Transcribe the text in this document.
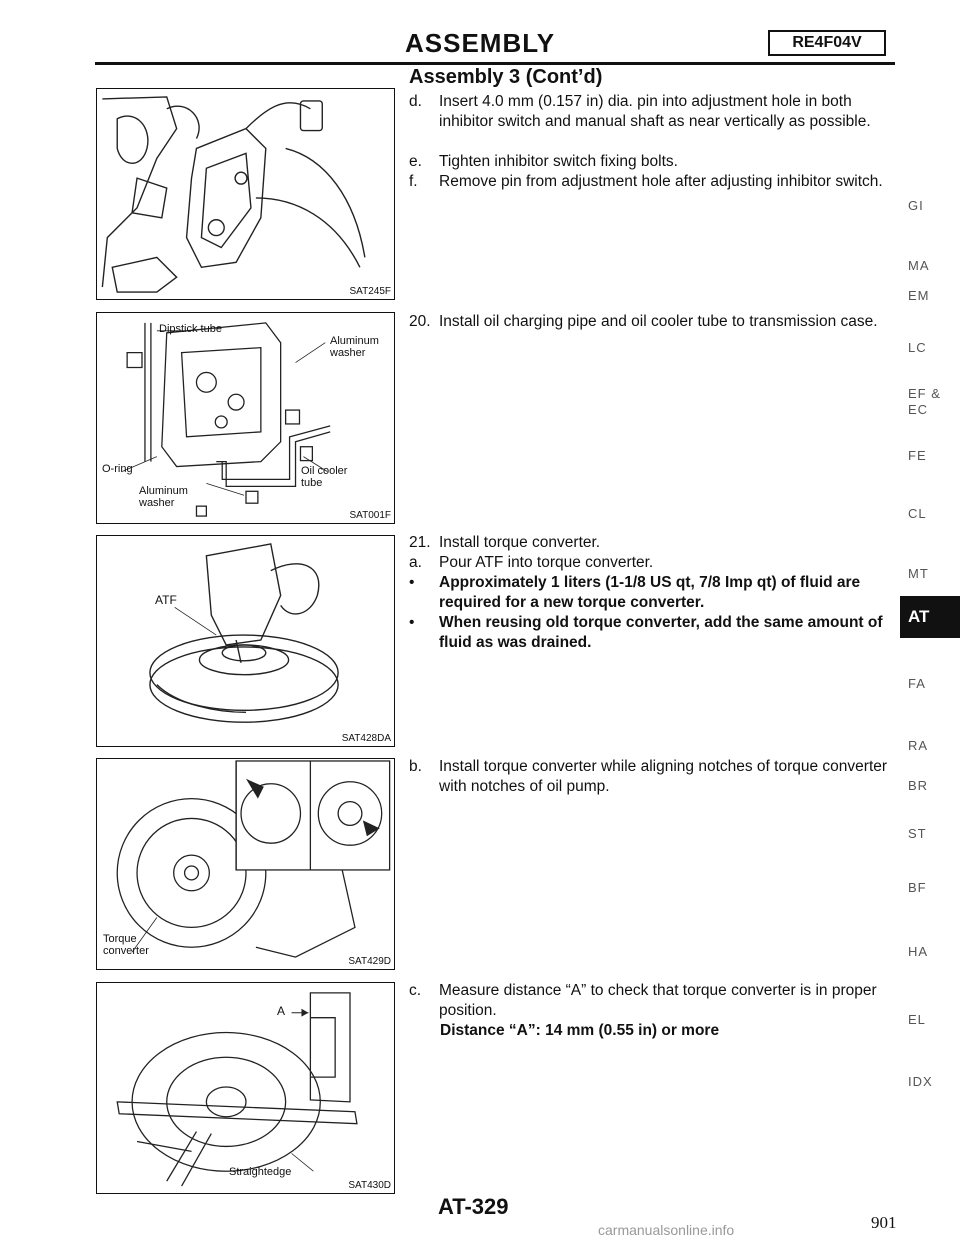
ASSEMBLY	RE4F04V
Assembly 3 (Cont’d)
SAT245F
Dipstick tube
Aluminum washer
O-ring
Aluminum washer
Oil cooler tube
SAT001F
ATF
SAT428DA
Torque converter
SAT429D
A
Straightedge
SAT430D
d.	Insert 4.0 mm (0.157 in) dia. pin into adjustment hole in both inhibitor switch and manual shaft as near vertically as possible.
e.	Tighten inhibitor switch fixing bolts.
f.	Remove pin from adjustment hole after adjusting inhibitor switch.
20. Install oil charging pipe and oil cooler tube to transmission case.
21. Install torque converter.
a.	Pour ATF into torque converter.
•	Approximately 1 liters (1-1/8 US qt, 7/8 Imp qt) of fluid are required for a new torque converter.
•	When reusing old torque converter, add the same amount of fluid as was drained.
b.	Install torque converter while aligning notches of torque converter with notches of oil pump.
c.	Measure distance “A” to check that torque converter is in proper position.
Distance “A”: 14 mm (0.55 in) or more
GI
MA
EM
LC
EF & EC
FE
CL
MT
AT
FA
RA
BR
ST
BF
HA
EL
IDX
AT-329
901
carmanualsonline.info
